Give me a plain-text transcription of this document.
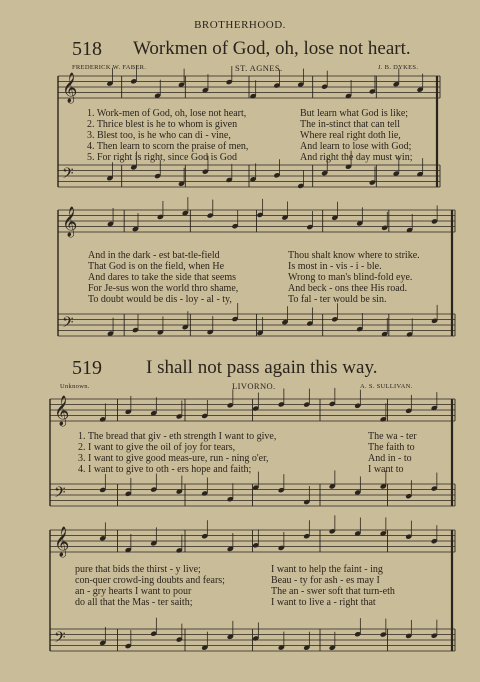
𝄞
𝄢
𝄞
𝄢
𝄞
𝄢
𝄞
𝄢
BROTHERHOOD.
518 Workmen of God, oh, lose not heart.
FREDERICK W. FABER.	ST. AGNES.	J. B. DYKES.
1. Work-men of God, oh, lose not heart,	But learn what God is like;
2. Thrice blest is he to whom is given	The in-stinct that can tell
3. Blest too, is he who can di - vine,	Where real right doth lie,
4. Then learn to scorn the praise of men,	And learn to lose with God;
5. For right is right, since God is God	And right the day must win;
And in the dark - est bat-tle-field	Thou shalt know where to strike.
That God is on the field, when He	Is most in - vis - i - ble.
And dares to take the side that seems	Wrong to man's blind-fold eye.
For Je-sus won the world thro shame,	And beck - ons thee His road.
To doubt would be dis - loy - al - ty,	To fal - ter would be sin.
519 I shall not pass again this way.
Unknown.	LIVORNO.	A. S. SULLIVAN.
1. The bread that giv - eth strength I want to give,	The wa - ter
2. I want to give the oil of joy for tears,	The faith to
3. I want to give good meas-ure, run - ning o'er,	And in - to
4. I want to give to oth - ers hope and faith;	I want to
pure that bids the thirst - y live;	I want to help the faint - ing
con-quer crowd-ing doubts and fears;	Beau - ty for ash - es may I
an - gry hearts I want to pour	The an - swer soft that turn-eth
do all that the Mas - ter saith;	I want to live a - right that
